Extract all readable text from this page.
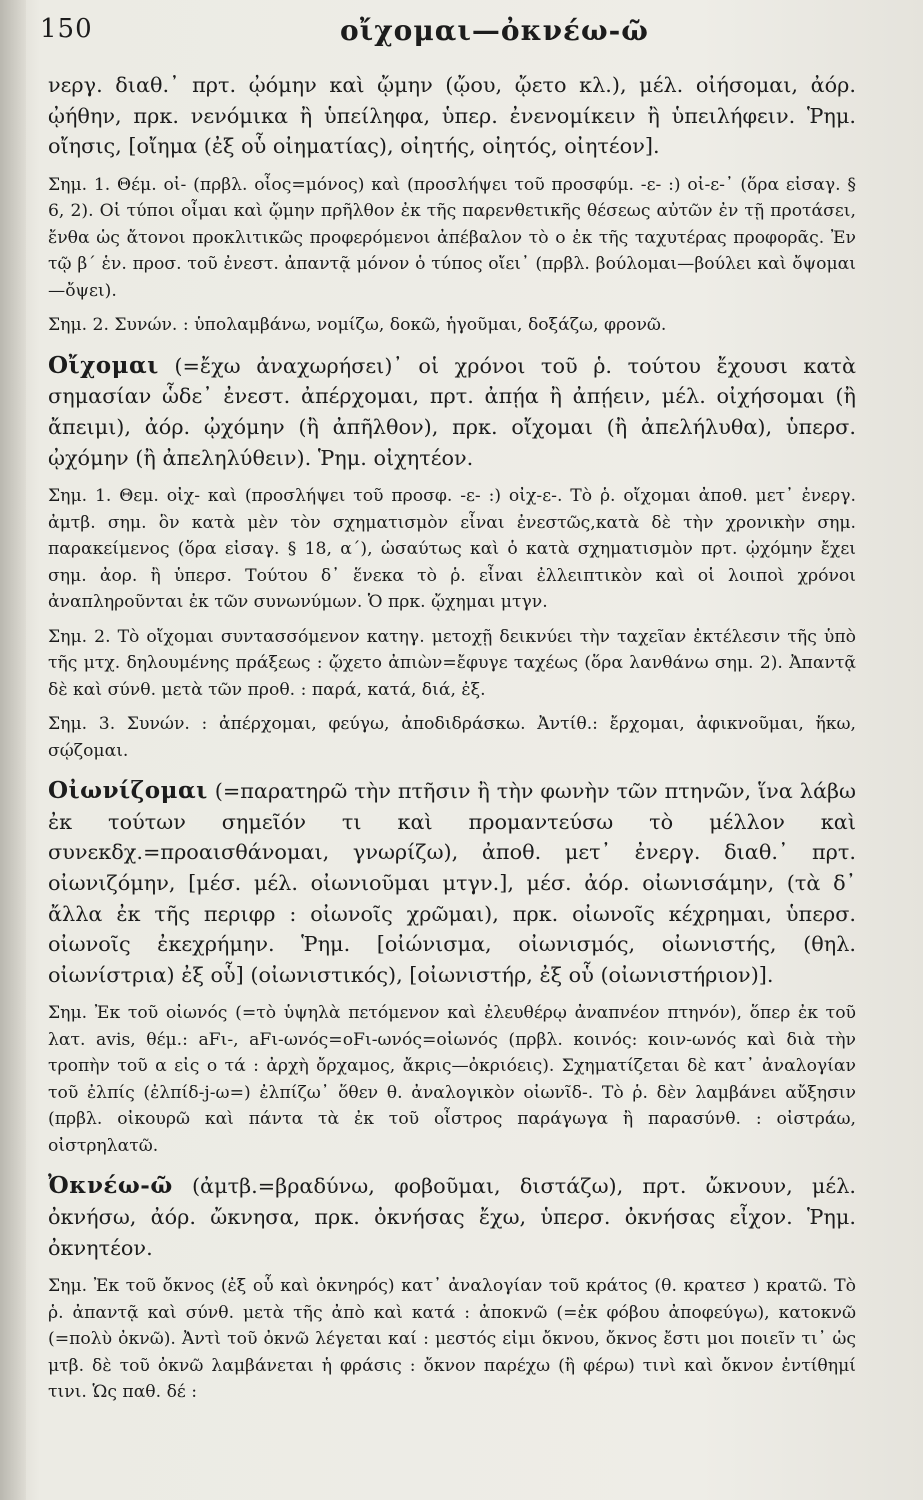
150	οἴχομαι—ὀκνέω-ῶ

νεργ. διαθ.᾽ πρτ. ᾠόμην καὶ ᾤμην (ᾤου, ᾤετο κλ.), μέλ. οἰήσομαι, ἀόρ. ᾠήθην, πρκ. νενόμικα ἢ ὑπείληφα, ὑπερ. ἐνενομίκειν ἢ ὑπειλήφειν. Ῥημ. οἴησις, [οἴημα (ἐξ οὗ οἰηματίας), οἰητής, οἰητός, οἰητέον].

Σημ. 1. Θέμ. οἰ- (πρβλ. οἶος=μόνος) καὶ (προσλήψει τοῦ προσφύμ. -ε- :) οἰ-ε-᾽ (ὅρα εἰσαγ. § 6, 2). Οἱ τύποι οἶμαι καὶ ᾤμην πρῆλθον ἐκ τῆς παρενθετικῆς θέσεως αὐτῶν ἐν τῇ προτάσει, ἔνθα ὡς ἄτονοι προκλιτικῶς προφερόμενοι ἀπέβαλον τὸ ο ἐκ τῆς ταχυτέρας προφορᾶς. Ἐν τῷ β΄ ἑν. προσ. τοῦ ἐνεστ. ἀπαντᾷ μόνον ὁ τύπος οἴει᾽ (πρβλ. βούλομαι—βούλει καὶ ὄψομαι—ὄψει).

Σημ. 2. Συνών. : ὑπολαμβάνω, νομίζω, δοκῶ, ἡγοῦμαι, δοξάζω, φρονῶ.

Οἴχομαι (=ἔχω ἀναχωρήσει)᾽ οἱ χρόνοι τοῦ ῥ. τούτου ἔχουσι κατὰ σημασίαν ὧδε᾽ ἐνεστ. ἀπέρχομαι, πρτ. ἀπῄα ἢ ἀπῄειν, μέλ. οἰχήσομαι (ἢ ἄπειμι), ἀόρ. ᾠχόμην (ἢ ἀπῆλθον), πρκ. οἴχομαι (ἢ ἀπελήλυθα), ὑπερσ. ᾠχόμην (ἢ ἀπεληλύθειν). Ῥημ. οἰχητέον.

Σημ. 1. Θεμ. οἰχ- καὶ (προσλήψει τοῦ προσφ. -ε- :) οἰχ-ε-. Τὸ ῥ. οἴχομαι ἀποθ. μετ᾽ ἐνεργ. ἀμτβ. σημ. ὃν κατὰ μὲν τὸν σχηματισμὸν εἶναι ἐνεστῶς,κατὰ δὲ τὴν χρονικὴν σημ. παρακείμενος (ὅρα εἰσαγ. § 18, α΄), ὡσαύτως καὶ ὁ κατὰ σχηματισμὸν πρτ. ᾠχόμην ἔχει σημ. ἀορ. ἢ ὑπερσ. Τούτου δ᾽ ἕνεκα τὸ ῥ. εἶναι ἐλλειπτικὸν καὶ οἱ λοιποὶ χρόνοι ἀναπληροῦνται ἐκ τῶν συνωνύμων. Ὁ πρκ. ᾤχημαι μτγν.

Σημ. 2. Τὸ οἴχομαι συντασσόμενον κατηγ. μετοχῇ δεικνύει τὴν ταχεῖαν ἐκτέλεσιν τῆς ὑπὸ τῆς μτχ. δηλουμένης πράξεως : ᾤχετο ἀπιὼν=ἔφυγε ταχέως (ὅρα λανθάνω σημ. 2). Ἀπαντᾷ δὲ καὶ σύνθ. μετὰ τῶν προθ. : παρά, κατά, διά, ἐξ.

Σημ. 3. Συνών. : ἀπέρχομαι, φεύγω, ἀποδιδράσκω. Ἀντίθ.: ἔρχομαι, ἀφικνοῦμαι, ἥκω, σῴζομαι.

Οἰωνίζομαι (=παρατηρῶ τὴν πτῆσιν ἢ τὴν φωνὴν τῶν πτηνῶν, ἵνα λάβω ἐκ τούτων σημεῖόν τι καὶ προμαντεύσω τὸ μέλλον καὶ συνεκδχ.=προαισθάνομαι, γνωρίζω), ἀποθ. μετ᾽ ἐνεργ. διαθ.᾽ πρτ. οἰωνιζόμην, [μέσ. μέλ. οἰωνιοῦμαι μτγν.], μέσ. ἀόρ. οἰωνισάμην, (τὰ δ᾽ ἄλλα ἐκ τῆς περιφρ : οἰωνοῖς χρῶμαι), πρκ. οἰωνοῖς κέχρημαι, ὑπερσ. οἰωνοῖς ἐκεχρήμην. Ῥημ. [οἰώνισμα, οἰωνισμός, οἰωνιστής, (θηλ. οἰωνίστρια) ἐξ οὗ] (οἰωνιστικός), [οἰωνιστήρ, ἐξ οὗ (οἰωνιστήριον)].

Σημ. Ἐκ τοῦ οἰωνός (=τὸ ὑψηλὰ πετόμενον καὶ ἐλευθέρῳ ἀναπνέον πτηνόν), ὅπερ ἐκ τοῦ λατ. avis, θέμ.: aFι-, aFι-ωνός=oFι-ωνός=οἰωνός (πρβλ. κοινός: κοιν-ωνός καὶ διὰ τὴν τροπὴν τοῦ α εἰς ο τά : ἀρχὴ ὄρχαμος, ἄκρις—ὀκριόεις). Σχηματίζεται δὲ κατ᾽ ἀναλογίαν τοῦ ἐλπίς (ἐλπίδ-j-ω=) ἐλπίζω᾽ ὅθεν θ. ἀναλογικὸν οἰωνῖδ-. Τὸ ῥ. δὲν λαμβάνει αὔξησιν (πρβλ. οἰκουρῶ καὶ πάντα τὰ ἐκ τοῦ οἶστρος παράγωγα ἢ παρασύνθ. : οἰστράω, οἰστρηλατῶ.

Ὀκνέω-ῶ (ἀμτβ.=βραδύνω, φοβοῦμαι, διστάζω), πρτ. ὤκνουν, μέλ. ὀκνήσω, ἀόρ. ὤκνησα, πρκ. ὀκνήσας ἔχω, ὑπερσ. ὀκνήσας εἶχον. Ῥημ. ὀκνητέον.

Σημ. Ἐκ τοῦ ὄκνος (ἐξ οὗ καὶ ὀκνηρός) κατ᾽ ἀναλογίαν τοῦ κράτος (θ. κρατεσ ) κρατῶ. Τὸ ῥ. ἀπαντᾷ καὶ σύνθ. μετὰ τῆς ἀπὸ καὶ κατά : ἀποκνῶ (=ἐκ φόβου ἀποφεύγω), κατοκνῶ (=πολὺ ὀκνῶ). Ἀντὶ τοῦ ὀκνῶ λέγεται καί : μεστός εἰμι ὄκνου, ὄκνος ἔστι μοι ποιεῖν τι᾽ ὡς μτβ. δὲ τοῦ ὀκνῶ λαμβάνεται ἡ φράσις : ὄκνον παρέχω (ἢ φέρω) τινὶ καὶ ὄκνον ἐντίθημί τινι. Ὡς παθ. δέ :
